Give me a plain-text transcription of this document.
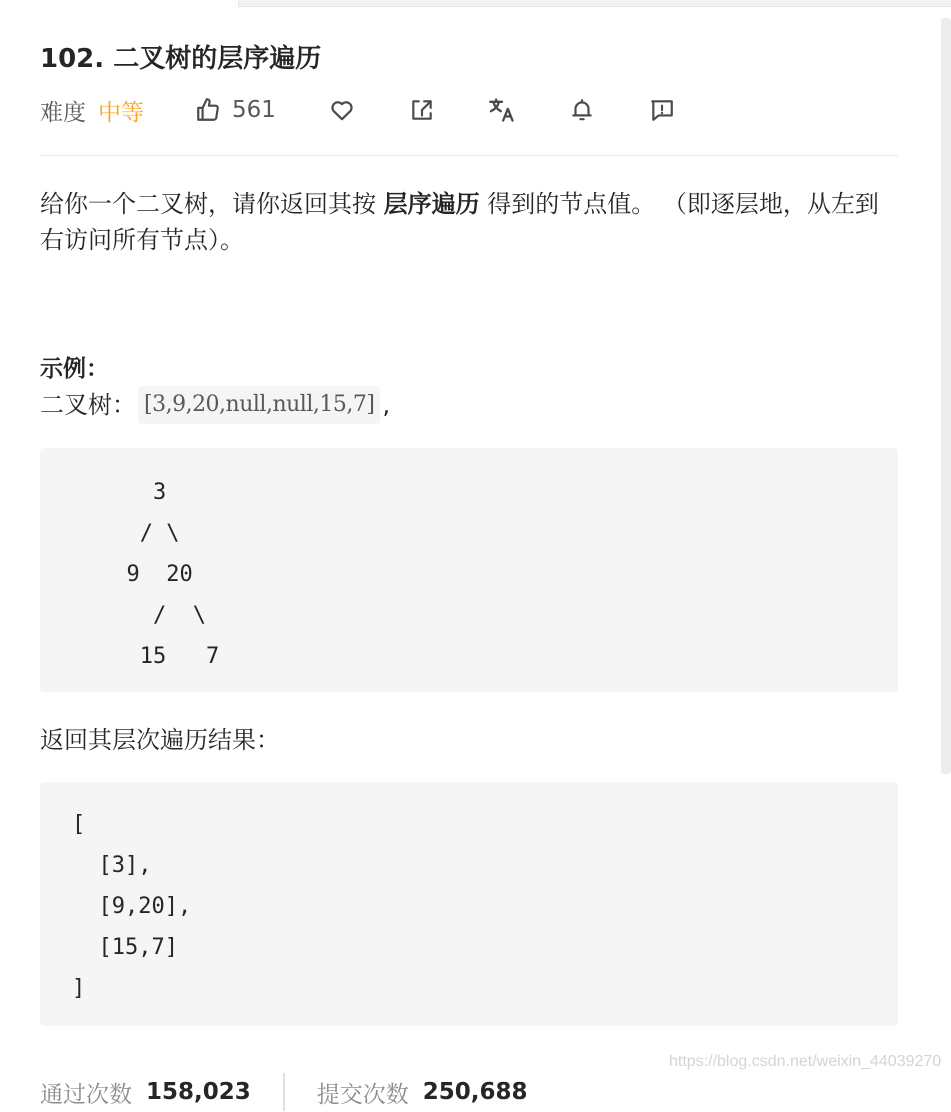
102. 二叉树的层序遍历
难度 中等	561

给你一个二叉树，请你返回其按 层序遍历 得到的节点值。 （即逐层地，从左到右访问所有节点）。

示例：

二叉树： [3,9,20,null,null,15,7] ,
3
/ \
9  20
/  \
15   7

返回其层次遍历结果：

[
[3],
[9,20],
[15,7]
]
通过次数 158,023	提交次数 250,688
https://blog.csdn.net/weixin_44039270
